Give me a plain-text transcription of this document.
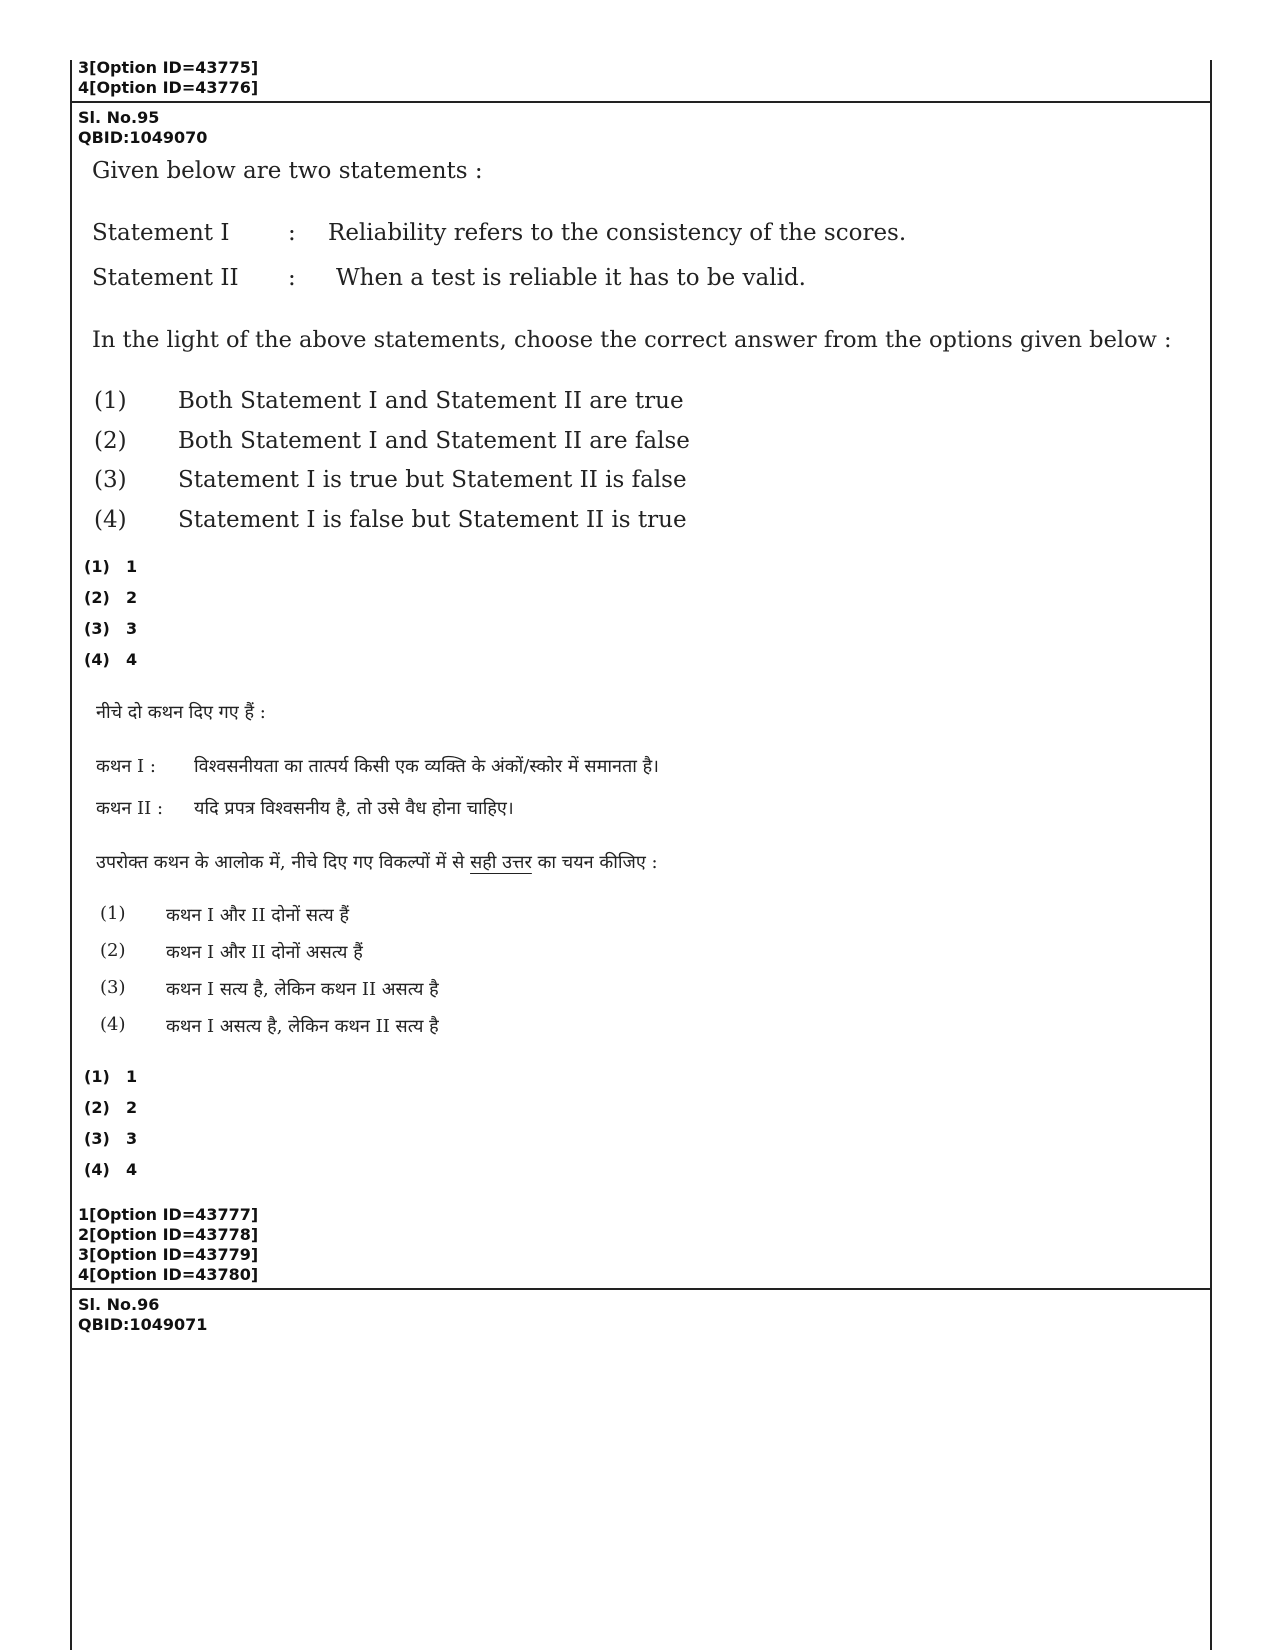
3[Option ID=43775]
4[Option ID=43776]
Sl. No.95
QBID:1049070
Given below are two statements :
Statement I	: Reliability refers to the consistency of the scores.
Statement II : When a test is reliable it has to be valid.
In the light of the above statements, choose the correct answer from the options given below :
(1) Both Statement I and Statement II are true
(2) Both Statement I and Statement II are false
(3) Statement I is true but Statement II is false
(4) Statement I is false but Statement II is true
(1) 1
(2) 2
(3) 3
(4) 4
नीचे दो कथन दिए गए हैं :
कथन I : विश्वसनीयता का तात्पर्य किसी एक व्यक्ति के अंकों/स्कोर में समानता है।
कथन II : यदि प्रपत्र विश्वसनीय है, तो उसे वैध होना चाहिए।
उपरोक्त कथन के आलोक में, नीचे दिए गए विकल्पों में से सही उत्तर का चयन कीजिए :
(1) कथन I और II दोनों सत्य हैं
(2) कथन I और II दोनों असत्य हैं
(3) कथन I सत्य है, लेकिन कथन II असत्य है
(4) कथन I असत्य है, लेकिन कथन II सत्य है
(1) 1
(2) 2
(3) 3
(4) 4
1[Option ID=43777]
2[Option ID=43778]
3[Option ID=43779]
4[Option ID=43780]
Sl. No.96
QBID:1049071
